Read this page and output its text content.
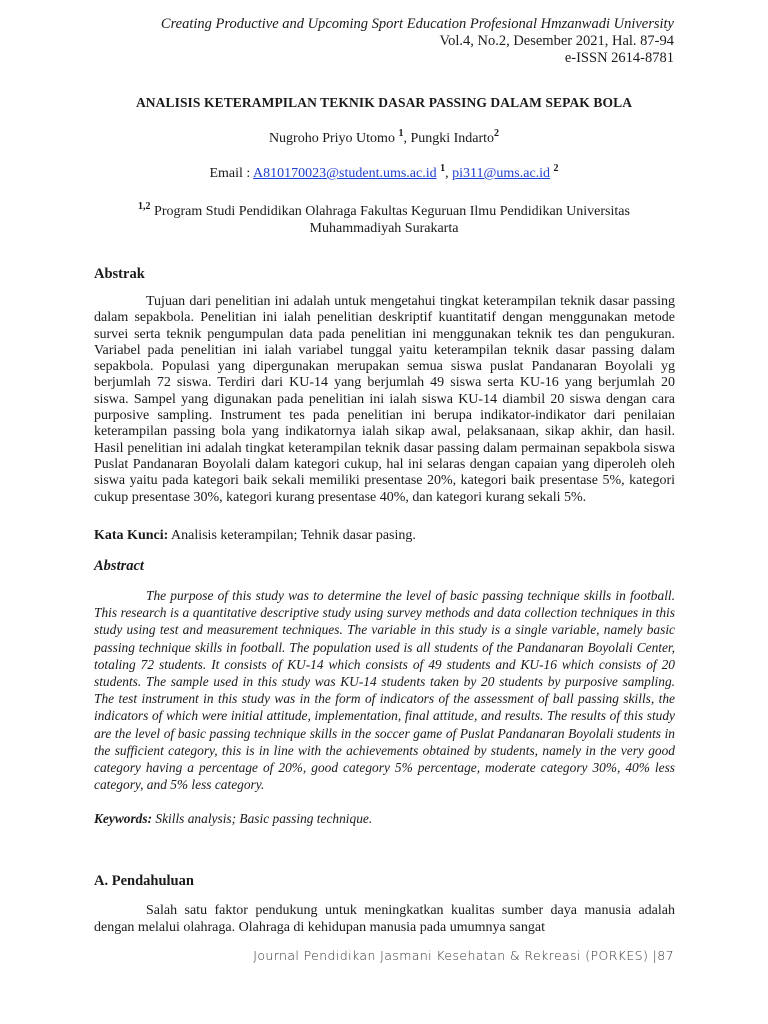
Creating Productive and Upcoming Sport Education Profesional Hmzanwadi University
Vol.4, No.2, Desember 2021, Hal. 87-94
e-ISSN 2614-8781
ANALISIS KETERAMPILAN TEKNIK DASAR PASSING DALAM SEPAK BOLA
Nugroho Priyo Utomo $^1$, Pungki Indarto$^2$
Email : A810170023@student.ums.ac.id $^1$, pi311@ums.ac.id $^2$
$^{1,2}$ Program Studi Pendidikan Olahraga Fakultas Keguruan Ilmu Pendidikan Universitas Muhammadiyah Surakarta
Abstrak
Tujuan dari penelitian ini adalah untuk mengetahui tingkat keterampilan teknik dasar passing dalam sepakbola. Penelitian ini ialah penelitian deskriptif kuantitatif dengan menggunakan metode survei serta teknik pengumpulan data pada penelitian ini menggunakan teknik tes dan pengukuran. Variabel pada penelitian ini ialah variabel tunggal yaitu keterampilan teknik dasar passing dalam sepakbola. Populasi yang dipergunakan merupakan semua siswa puslat Pandanaran Boyolali yg berjumlah 72 siswa. Terdiri dari KU-14 yang berjumlah 49 siswa serta KU-16 yang berjumlah 20 siswa. Sampel yang digunakan pada penelitian ini ialah siswa KU-14 diambil 20 siswa dengan cara purposive sampling. Instrument tes pada penelitian ini berupa indikator-indikator dari penilaian keterampilan passing bola yang indikatornya ialah sikap awal, pelaksanaan, sikap akhir, dan hasil. Hasil penelitian ini adalah tingkat keterampilan teknik dasar passing dalam permainan sepakbola siswa Puslat Pandanaran Boyolali dalam kategori cukup, hal ini selaras dengan capaian yang diperoleh oleh siswa yaitu pada kategori baik sekali memiliki presentase 20%, kategori baik presentase 5%, kategori cukup presentase 30%, kategori kurang presentase 40%, dan kategori kurang sekali 5%.
Kata Kunci: Analisis keterampilan; Tehnik dasar pasing.
Abstract
The purpose of this study was to determine the level of basic passing technique skills in football. This research is a quantitative descriptive study using survey methods and data collection techniques in this study using test and measurement techniques. The variable in this study is a single variable, namely basic passing technique skills in football. The population used is all students of the Pandanaran Boyolali Center, totaling 72 students. It consists of KU-14 which consists of 49 students and KU-16 which consists of 20 students. The sample used in this study was KU-14 students taken by 20 students by purposive sampling. The test instrument in this study was in the form of indicators of the assessment of ball passing skills, the indicators of which were initial attitude, implementation, final attitude, and results. The results of this study are the level of basic passing technique skills in the soccer game of Puslat Pandanaran Boyolali students in the sufficient category, this is in line with the achievements obtained by students, namely in the very good category having a percentage of 20%, good category 5% percentage, moderate category 30%, 40% less category, and 5% less category.
Keywords: Skills analysis; Basic passing technique.
A. Pendahuluan
Salah satu faktor pendukung untuk meningkatkan kualitas sumber daya manusia adalah dengan melalui olahraga. Olahraga di kehidupan manusia pada umumnya sangat
Journal Pendidikan Jasmani Kesehatan & Rekreasi (PORKES) |87
